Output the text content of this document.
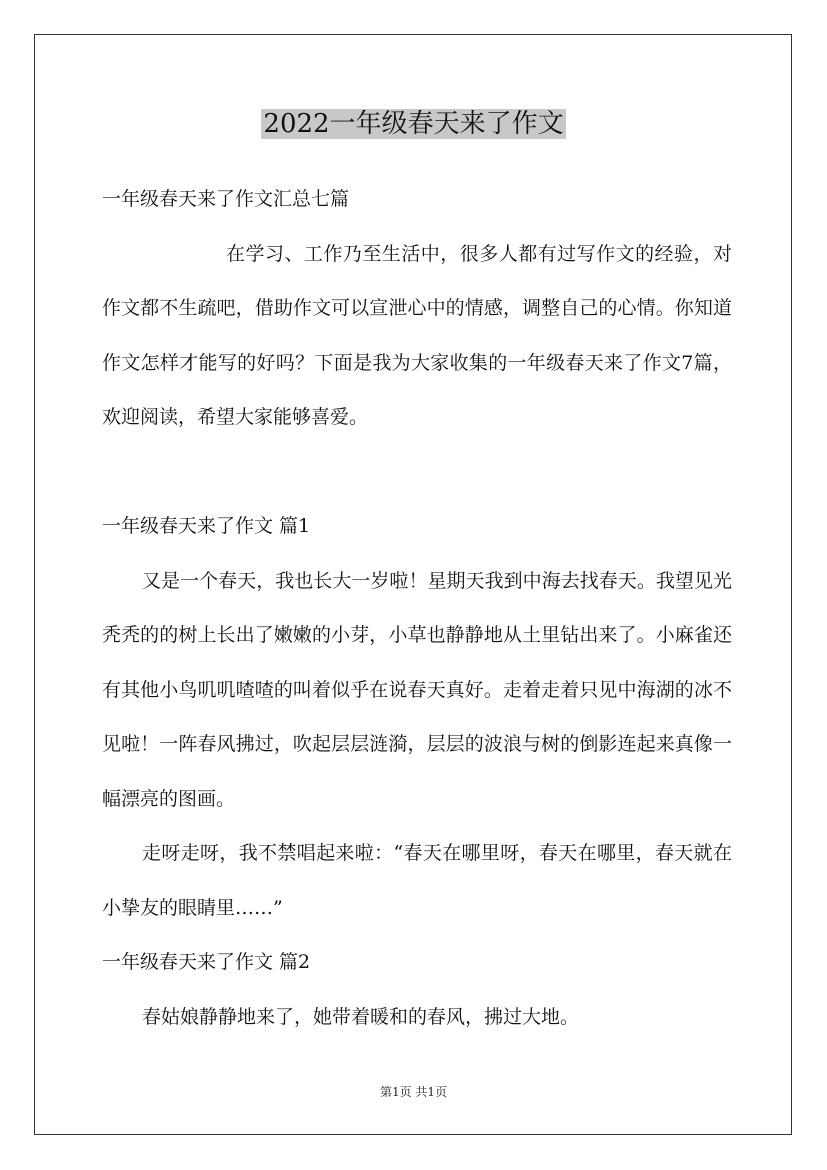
2022一年级春天来了作文

一年级春天来了作文汇总七篇

在学习、工作乃至生活中，很多人都有过写作文的经验，对作文都不生疏吧，借助作文可以宣泄心中的情感，调整自己的心情。你知道作文怎样才能写的好吗？下面是我为大家收集的一年级春天来了作文7篇，欢迎阅读，希望大家能够喜爱。

一年级春天来了作文 篇1

又是一个春天，我也长大一岁啦！星期天我到中海去找春天。我望见光秃秃的的树上长出了嫩嫩的小芽，小草也静静地从土里钻出来了。小麻雀还有其他小鸟叽叽喳喳的叫着似乎在说春天真好。走着走着只见中海湖的冰不见啦！一阵春风拂过，吹起层层涟漪，层层的波浪与树的倒影连起来真像一幅漂亮的图画。

走呀走呀，我不禁唱起来啦：“春天在哪里呀，春天在哪里，春天就在小挚友的眼睛里……”

一年级春天来了作文 篇2

春姑娘静静地来了，她带着暖和的春风，拂过大地。

第1页 共1页
